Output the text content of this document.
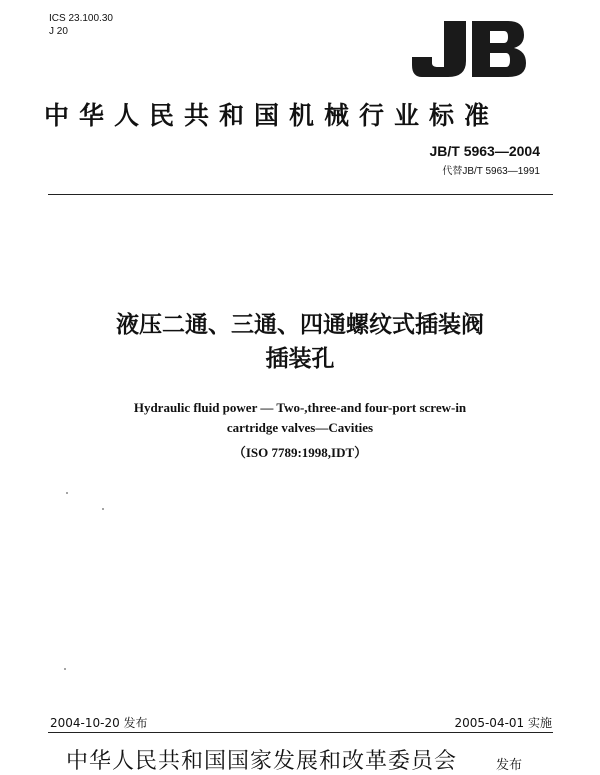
ICS 23.100.30
J 20
中华人民共和国机械行业标准
JB/T 5963—2004
代替JB/T 5963—1991
液压二通、三通、四通螺纹式插装阀
插装孔
Hydraulic fluid power — Two-,three-and four-port screw-in
cartridge valves—Cavities
（ISO 7789:1998,IDT）
2004-10-20 发布	2005-04-01 实施
中华人民共和国国家发展和改革委员会	发布
